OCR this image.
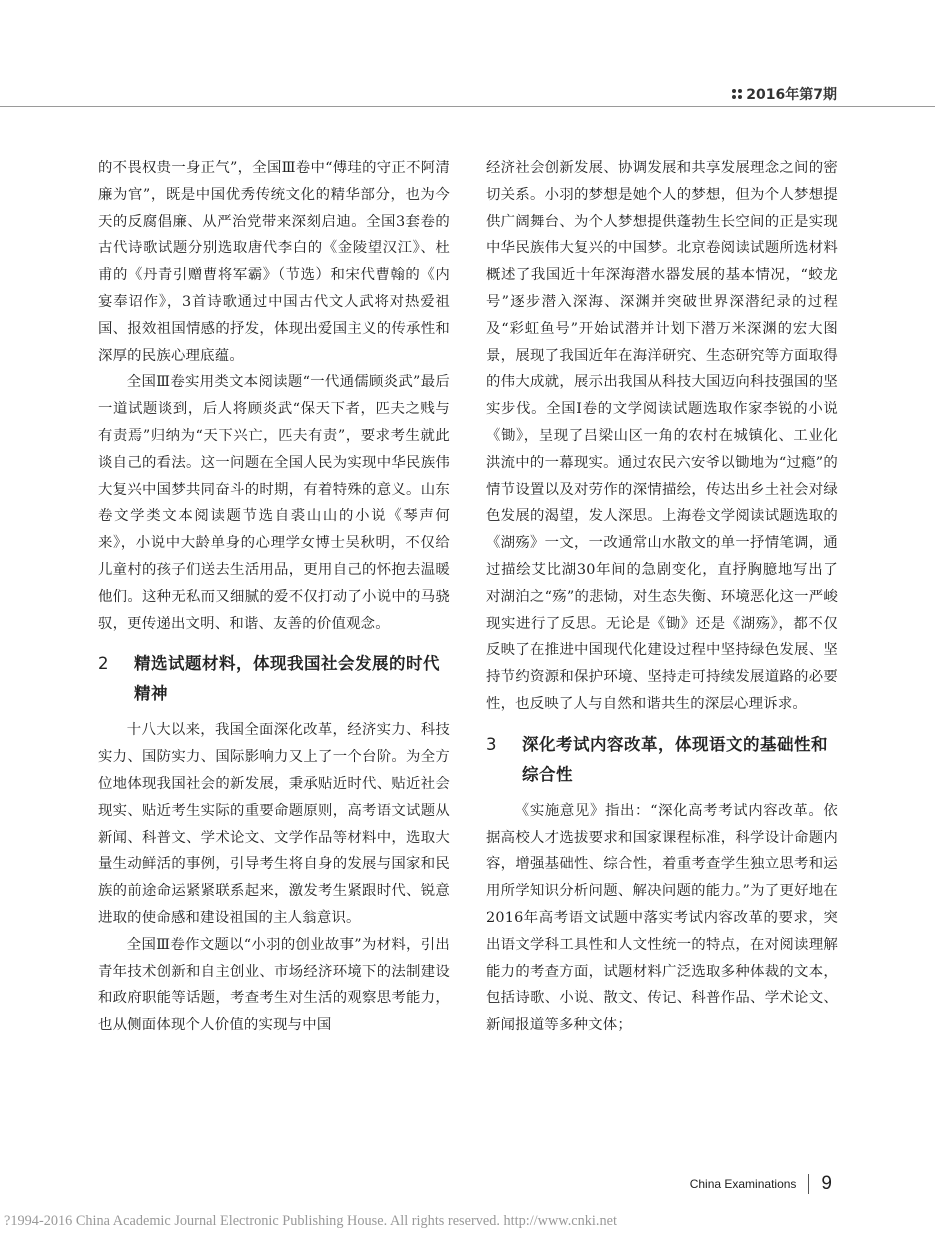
2016年第7期

的不畏权贵一身正气”，全国Ⅲ卷中“傅珪的守正不阿清廉为官”，既是中国优秀传统文化的精华部分，也为今天的反腐倡廉、从严治党带来深刻启迪。全国3套卷的古代诗歌试题分别选取唐代李白的《金陵望汉江》、杜甫的《丹青引赠曹将军霸》（节选）和宋代曹翰的《内宴奉诏作》，3首诗歌通过中国古代文人武将对热爱祖国、报效祖国情感的抒发，体现出爱国主义的传承性和深厚的民族心理底蕴。

全国Ⅲ卷实用类文本阅读题“一代通儒顾炎武”最后一道试题谈到，后人将顾炎武“保天下者，匹夫之贱与有责焉”归纳为“天下兴亡，匹夫有责”，要求考生就此谈自己的看法。这一问题在全国人民为实现中华民族伟大复兴中国梦共同奋斗的时期，有着特殊的意义。山东卷文学类文本阅读题节选自裘山山的小说《琴声何来》，小说中大龄单身的心理学女博士吴秋明，不仅给儿童村的孩子们送去生活用品，更用自己的怀抱去温暖他们。这种无私而又细腻的爱不仅打动了小说中的马骁驭，更传递出文明、和谐、友善的价值观念。

2 精选试题材料，体现我国社会发展的时代精神

十八大以来，我国全面深化改革，经济实力、科技实力、国防实力、国际影响力又上了一个台阶。为全方位地体现我国社会的新发展，秉承贴近时代、贴近社会现实、贴近考生实际的重要命题原则，高考语文试题从新闻、科普文、学术论文、文学作品等材料中，选取大量生动鲜活的事例，引导考生将自身的发展与国家和民族的前途命运紧紧联系起来，激发考生紧跟时代、锐意进取的使命感和建设祖国的主人翁意识。

全国Ⅲ卷作文题以“小羽的创业故事”为材料，引出青年技术创新和自主创业、市场经济环境下的法制建设和政府职能等话题，考查考生对生活的观察思考能力，也从侧面体现个人价值的实现与中国

经济社会创新发展、协调发展和共享发展理念之间的密切关系。小羽的梦想是她个人的梦想，但为个人梦想提供广阔舞台、为个人梦想提供蓬勃生长空间的正是实现中华民族伟大复兴的中国梦。北京卷阅读试题所选材料概述了我国近十年深海潜水器发展的基本情况，“蛟龙号”逐步潜入深海、深渊并突破世界深潜纪录的过程及“彩虹鱼号”开始试潜并计划下潜万米深渊的宏大图景，展现了我国近年在海洋研究、生态研究等方面取得的伟大成就，展示出我国从科技大国迈向科技强国的坚实步伐。全国Ⅰ卷的文学阅读试题选取作家李锐的小说《锄》，呈现了吕梁山区一角的农村在城镇化、工业化洪流中的一幕现实。通过农民六安爷以锄地为“过瘾”的情节设置以及对劳作的深情描绘，传达出乡土社会对绿色发展的渴望，发人深思。上海卷文学阅读试题选取的《湖殇》一文，一改通常山水散文的单一抒情笔调，通过描绘艾比湖30年间的急剧变化，直抒胸臆地写出了对湖泊之“殇”的悲恸，对生态失衡、环境恶化这一严峻现实进行了反思。无论是《锄》还是《湖殇》，都不仅反映了在推进中国现代化建设过程中坚持绿色发展、坚持节约资源和保护环境、坚持走可持续发展道路的必要性，也反映了人与自然和谐共生的深层心理诉求。

3 深化考试内容改革，体现语文的基础性和综合性

《实施意见》指出：“深化高考考试内容改革。依据高校人才选拔要求和国家课程标准，科学设计命题内容，增强基础性、综合性，着重考查学生独立思考和运用所学知识分析问题、解决问题的能力。”为了更好地在2016年高考语文试题中落实考试内容改革的要求，突出语文学科工具性和人文性统一的特点，在对阅读理解能力的考查方面，试题材料广泛选取多种体裁的文本，包括诗歌、小说、散文、传记、科普作品、学术论文、新闻报道等多种文体；

China Examinations 9
?1994-2016 China Academic Journal Electronic Publishing House. All rights reserved. http://www.cnki.net
